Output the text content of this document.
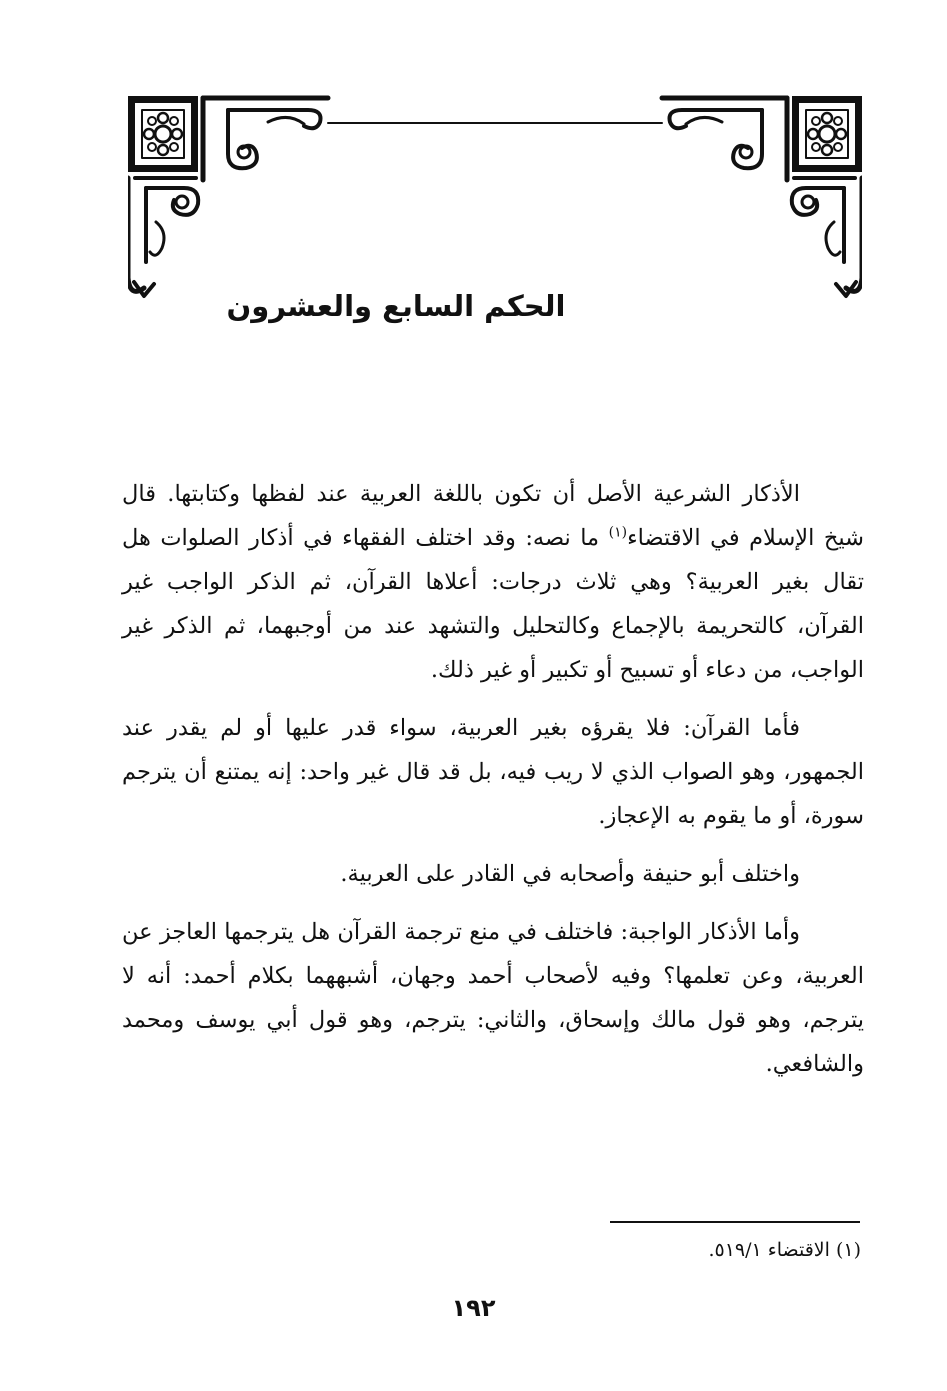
الحكم السابع والعشرون

الأذكار الشرعية الأصل أن تكون باللغة العربية عند لفظها وكتابتها. قال شيخ الإسلام في الاقتضاء$^{(١)}$ ما نصه: وقد اختلف الفقهاء في أذكار الصلوات هل تقال بغير العربية؟ وهي ثلاث درجات: أعلاها القرآن، ثم الذكر الواجب غير القرآن، كالتحريمة بالإجماع وكالتحليل والتشهد عند من أوجبهما، ثم الذكر غير الواجب، من دعاء أو تسبيح أو تكبير أو غير ذلك.

فأما القرآن: فلا يقرؤه بغير العربية، سواء قدر عليها أو لم يقدر عند الجمهور، وهو الصواب الذي لا ريب فيه، بل قد قال غير واحد: إنه يمتنع أن يترجم سورة، أو ما يقوم به الإعجاز.

واختلف أبو حنيفة وأصحابه في القادر على العربية.

وأما الأذكار الواجبة: فاختلف في منع ترجمة القرآن هل يترجمها العاجز عن العربية، وعن تعلمها؟ وفيه لأصحاب أحمد وجهان، أشبههما بكلام أحمد: أنه لا يترجم، وهو قول مالك وإسحاق، والثاني: يترجم، وهو قول أبي يوسف ومحمد والشافعي.

(١) الاقتضاء ٥١٩/١.
١٩٢
